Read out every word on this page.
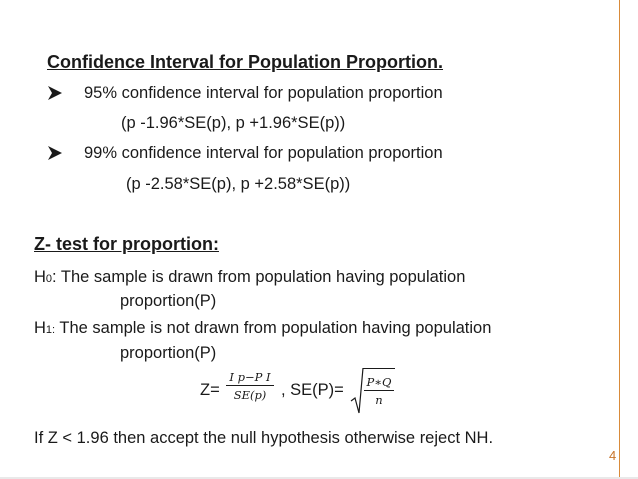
Confidence Interval for Population Proportion.
95% confidence interval for population proportion
(p -1.96*SE(p), p +1.96*SE(p))
99% confidence interval for population proportion
(p -2.58*SE(p), p +2.58*SE(p))
Z- test for proportion:
H0: The sample is drawn from population having population
proportion(P)
H1: The sample is not drawn from population having population
proportion(P)
$Z= \frac{\text{I p−P I}}{SE(p)}$ , $SE(P)= \frac{P∗Q}{n}$
If Z < 1.96 then accept the null hypothesis otherwise reject NH.
4
